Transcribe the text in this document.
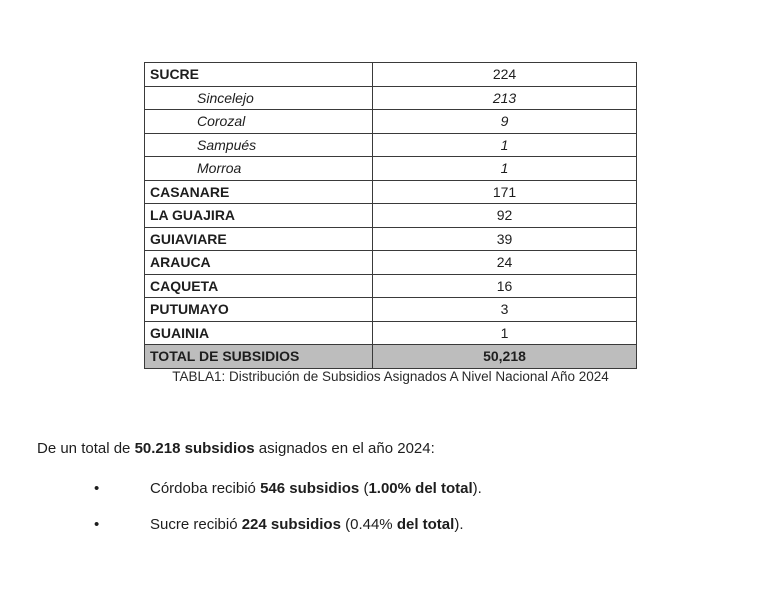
SUCRE	224
Sincelejo	213
Corozal	9
Sampués	1
Morroa	1
CASANARE	171
LA GUAJIRA	92
GUIAVIARE	39
ARAUCA	24
CAQUETA	16
PUTUMAYO	3
GUAINIA	1
TOTAL DE SUBSIDIOS	50,218
TABLA1: Distribución de Subsidios Asignados A Nivel Nacional Año 2024
De un total de 50.218 subsidios asignados en el año 2024:
•	Córdoba recibió 546 subsidios (1.00% del total).
•	Sucre recibió 224 subsidios (0.44% del total).
